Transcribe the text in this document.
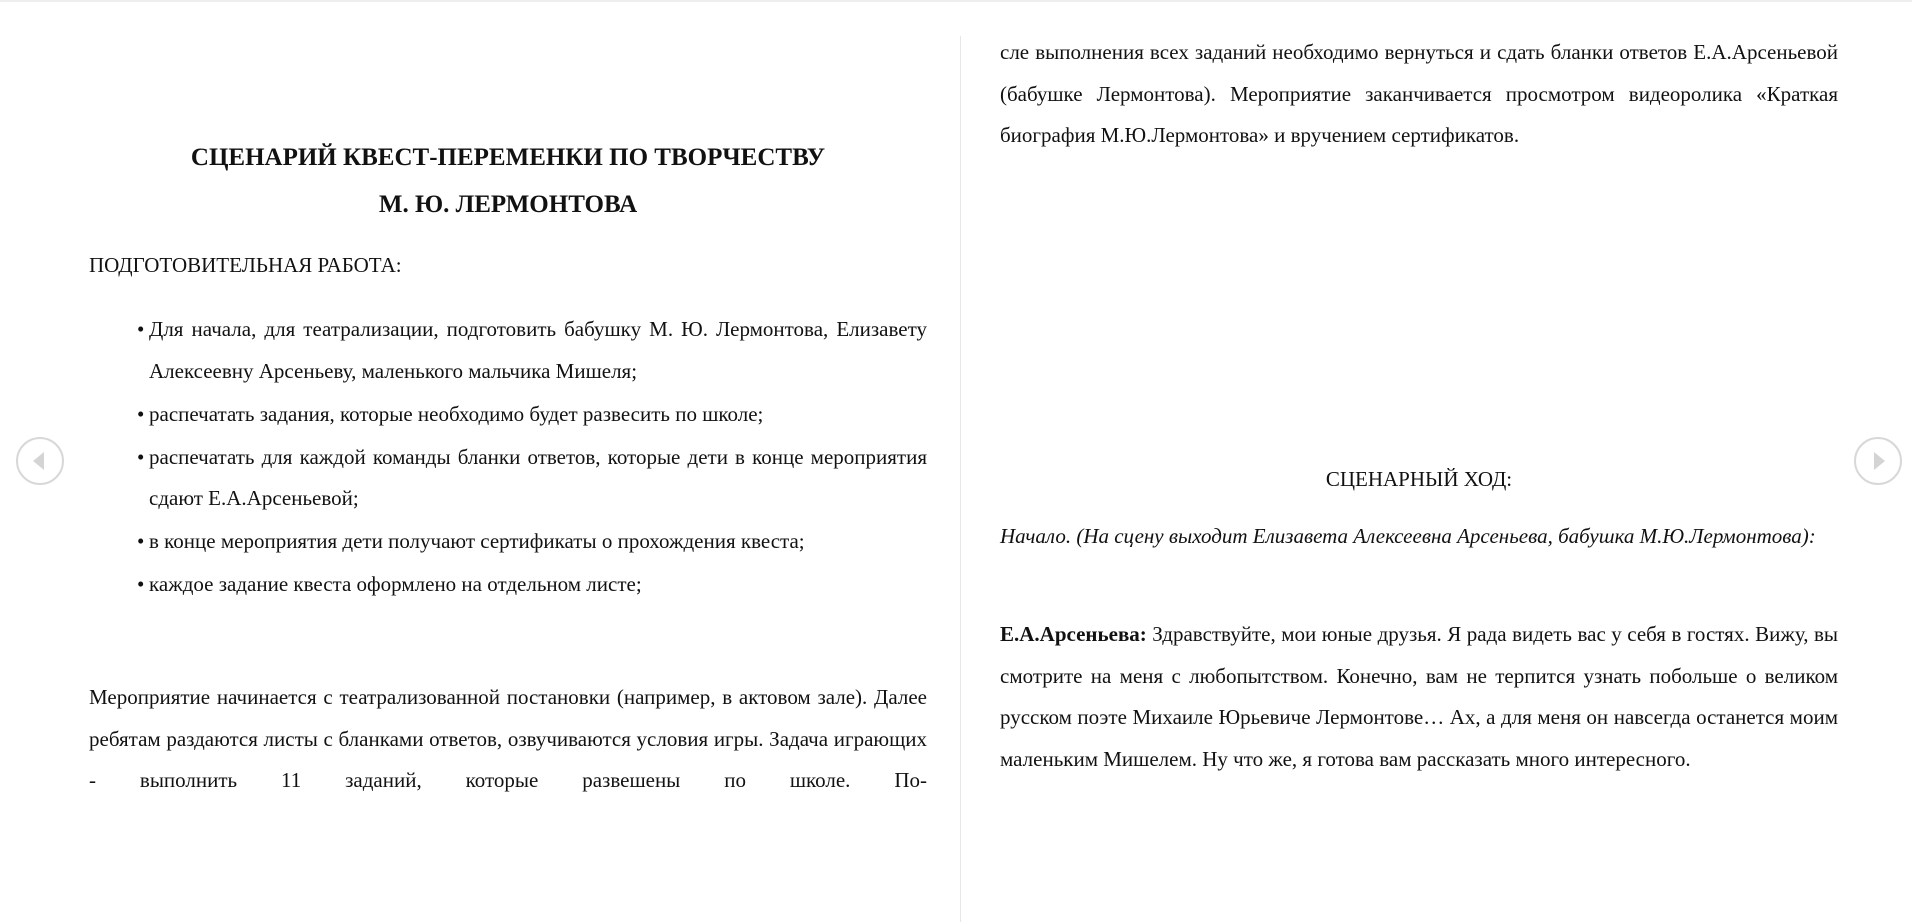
СЦЕНАРИЙ КВЕСТ-ПЕРЕМЕНКИ ПО ТВОРЧЕСТВУ
М. Ю. ЛЕРМОНТОВА
ПОДГОТОВИТЕЛЬНАЯ РАБОТА:
• Для начала, для театрализации, подготовить бабушку М. Ю. Лермонтова, Елизавету Алексеевну Арсеньеву, маленького мальчика Мишеля;
• распечатать задания, которые необходимо будет развесить по школе;
• распечатать для каждой команды бланки ответов, которые дети в конце мероприятия сдают Е.А.Арсеньевой;
• в конце мероприятия дети получают сертификаты о прохождения квеста;
• каждое задание квеста оформлено на отдельном листе;
Мероприятие начинается с театрализованной постановки (например, в актовом зале). Далее ребятам раздаются листы с бланками ответов, озвучиваются условия игры. Задача играющих - выполнить 11 заданий, которые развешены по школе. По-
сле выполнения всех заданий необходимо вернуться и сдать бланки ответов Е.А.Арсеньевой (бабушке Лермонтова). Мероприятие заканчивается просмотром видеоролика «Краткая биография М.Ю.Лермонтова» и вручением сертификатов.
СЦЕНАРНЫЙ ХОД:
Начало. (На сцену выходит Елизавета Алексеевна Арсеньева, бабушка М.Ю.Лермонтова):
Е.А.Арсеньева: Здравствуйте, мои юные друзья. Я рада видеть вас у себя в гостях. Вижу, вы смотрите на меня с любопытством. Конечно, вам не терпится узнать побольше о великом русском поэте Михаиле Юрьевиче Лермонтове… Ах, а для меня он навсегда останется моим маленьким Мишелем. Ну что же, я готова вам рассказать много интересного.
